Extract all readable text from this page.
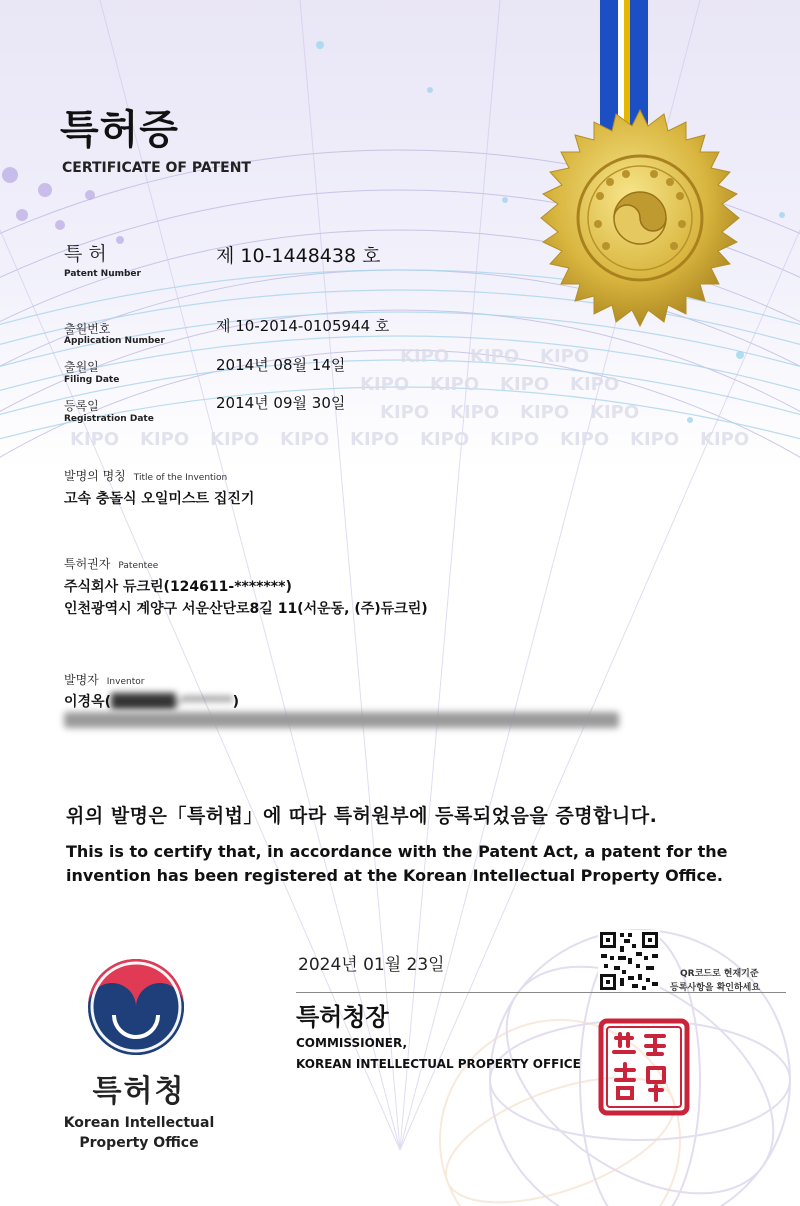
KIPO KIPO KIPO
KIPO KIPO KIPO KIPO
KIPO KIPO KIPO KIPO
KIPO KIPO KIPO KIPO KIPO KIPO KIPO KIPO KIPO KIPO
특허증
CERTIFICATE OF PATENT
특 허
Patent Number
제 10-1448438 호
출원번호
Application Number
제 10-2014-0105944 호
출원일
Filing Date
2014년 08월 14일
등록일
Registration Date
2014년 09월 30일
발명의 명칭 Title of the Invention
고속 충돌식 오일미스트 집진기
특허권자 Patentee
주식회사 듀크린(124611-*******)
인천광역시 계양구 서운산단로8길 11(서운동, (주)듀크린)
발명자 Inventor
이경옥(██████-*******)
위의 발명은「특허법」에 따라 특허원부에 등록되었음을 증명합니다.
This is to certify that, in accordance with the Patent Act, a patent for the
invention has been registered at the Korean Intellectual Property Office.
2024년 01월 23일
특허청장
COMMISSIONER,
KOREAN INTELLECTUAL PROPERTY OFFICE
QR코드로 현재기준
등록사항을 확인하세요
특허청
Korean Intellectual
Property Office
